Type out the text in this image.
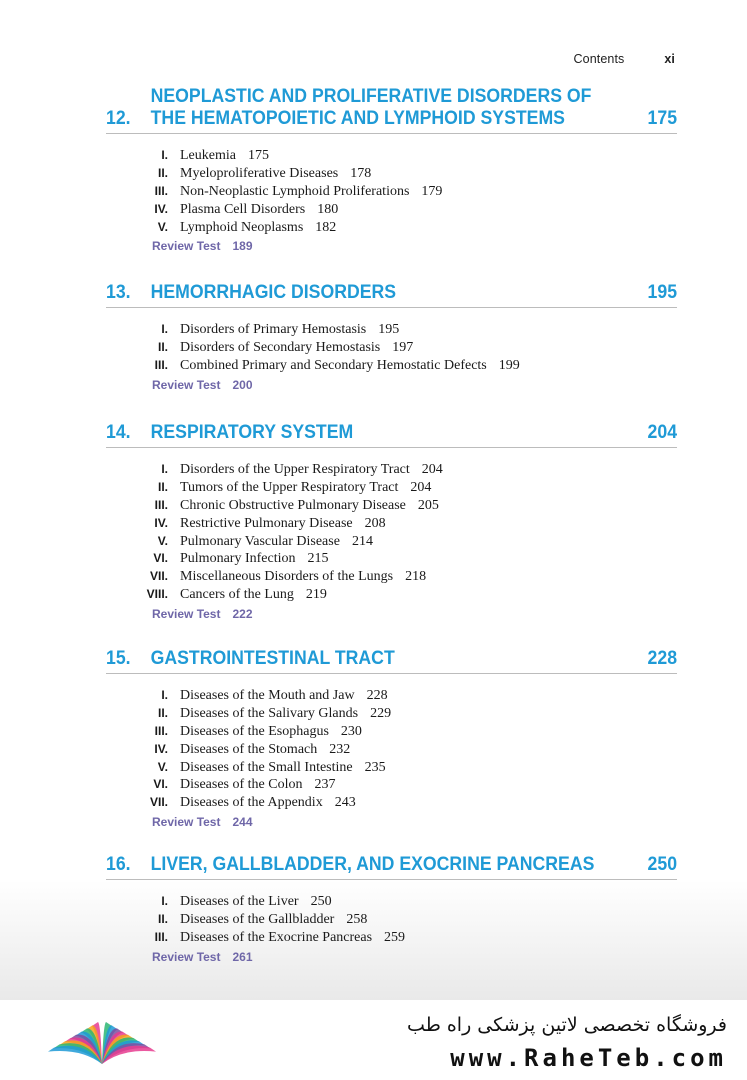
Contents	xi
12.
NEOPLASTIC AND PROLIFERATIVE DISORDERS OF
THE HEMATOPOIETIC AND LYMPHOID SYSTEMS	175
I. Leukemia 175
II. Myeloproliferative Diseases 178
III. Non-Neoplastic Lymphoid Proliferations 179
IV. Plasma Cell Disorders 180
V. Lymphoid Neoplasms 182
Review Test 189
13.	HEMORRHAGIC DISORDERS	195
I. Disorders of Primary Hemostasis 195
II. Disorders of Secondary Hemostasis 197
III. Combined Primary and Secondary Hemostatic Defects 199
Review Test 200
14.	RESPIRATORY SYSTEM	204
I. Disorders of the Upper Respiratory Tract 204
II. Tumors of the Upper Respiratory Tract 204
III. Chronic Obstructive Pulmonary Disease 205
IV. Restrictive Pulmonary Disease 208
V. Pulmonary Vascular Disease 214
VI. Pulmonary Infection 215
VII. Miscellaneous Disorders of the Lungs 218
VIII. Cancers of the Lung 219
Review Test 222
15.	GASTROINTESTINAL TRACT	228
I. Diseases of the Mouth and Jaw 228
II. Diseases of the Salivary Glands 229
III. Diseases of the Esophagus 230
IV. Diseases of the Stomach 232
V. Diseases of the Small Intestine 235
VI. Diseases of the Colon 237
VII. Diseases of the Appendix 243
Review Test 244
16.	LIVER, GALLBLADDER, AND EXOCRINE PANCREAS	250
I. Diseases of the Liver 250
II. Diseases of the Gallbladder 258
III. Diseases of the Exocrine Pancreas 259
Review Test 261
فروشگاه تخصصی لاتین پزشکی راه طب
www.RaheTeb.com
